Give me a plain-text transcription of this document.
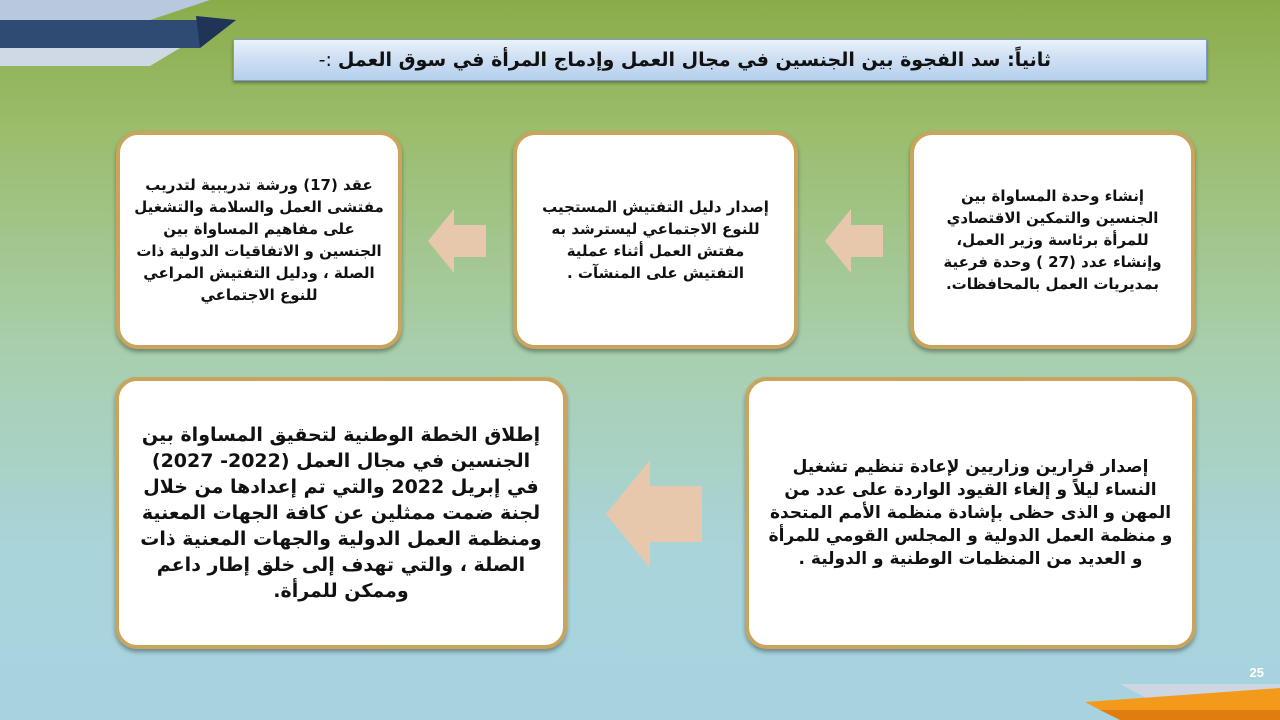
ثانياً: سد الفجوة بين الجنسين في مجال العمل وإدماج المرأة في سوق العمل
:-

إنشاء وحدة المساواة بين الجنسين والتمكين الاقتصادي للمرأة برئاسة وزير العمل، وإنشاء عدد (27 ) وحدة فرعية بمديريات العمل بالمحافظات.

إصدار دليل التفتيش المستجيب للنوع الاجتماعي ليسترشد به مفتش العمل أثناء عملية التفتيش على المنشآت .

عقد (17) ورشة تدريبية لتدريب مفتشى العمل والسلامة والتشغيل على مفاهيم المساواة بين الجنسين و الاتفاقيات الدولية ذات الصلة ، ودليل التفتيش المراعي للنوع الاجتماعي

إصدار قرارين وزاريين لإعادة تنظيم تشغيل النساء ليلاً و إلغاء القيود الواردة على عدد من المهن و الذى حظى بإشادة منظمة الأمم المتحدة و منظمة العمل الدولية و المجلس القومي للمرأة و العديد من المنظمات الوطنية و الدولية .

إطلاق الخطة الوطنية لتحقيق المساواة بين الجنسين في مجال العمل (2022- 2027) في إبريل 2022 والتي تم إعدادها من خلال لجنة ضمت ممثلين عن كافة الجهات المعنية ومنظمة العمل الدولية والجهات المعنية ذات الصلة ، والتي تهدف إلى خلق إطار داعم وممكن للمرأة.

25
